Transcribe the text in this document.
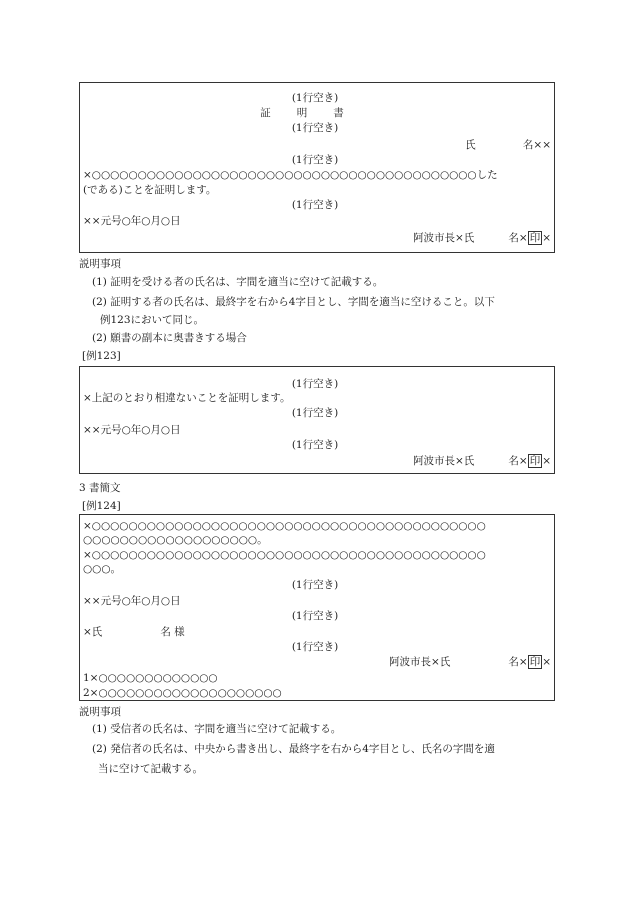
(1行空き)
証明書
(1行空き)
氏 名××
(1行空き)
×○○○○○○○○○○○○○○○○○○○○○○○○○○○○○○○○○○○○○○○○○○した
(である)ことを証明します。
(1行空き)
××元号○年○月○日
阿波市長×氏	名× 印 ×
説明事項
(1) 証明を受ける者の氏名は、字間を適当に空けて記載する。
(2) 証明する者の氏名は、最終字を右から4字目とし、字間を適当に空けること。以下
例123において同じ。
(2) 願書の副本に奥書きする場合
[例123]
(1行空き)
×上記のとおり相違ないことを証明します。
(1行空き)
××元号○年○月○日
(1行空き)
阿波市長×氏	名× 印 ×
3 書簡文
[例124]
×○○○○○○○○○○○○○○○○○○○○○○○○○○○○○○○○○○○○○○○○○○○
○○○○○○○○○○○○○○○○○○○。
×○○○○○○○○○○○○○○○○○○○○○○○○○○○○○○○○○○○○○○○○○○○
○○○。
(1行空き)
××元号○年○月○日
(1行空き)
×氏	名 様
(1行空き)
阿波市長×氏	名× 印 ×
1×○○○○○○○○○○○○○
2×○○○○○○○○○○○○○○○○○○○○
説明事項
(1) 受信者の氏名は、字間を適当に空けて記載する。
(2) 発信者の氏名は、中央から書き出し、最終字を右から4字目とし、氏名の字間を適
当に空けて記載する。
